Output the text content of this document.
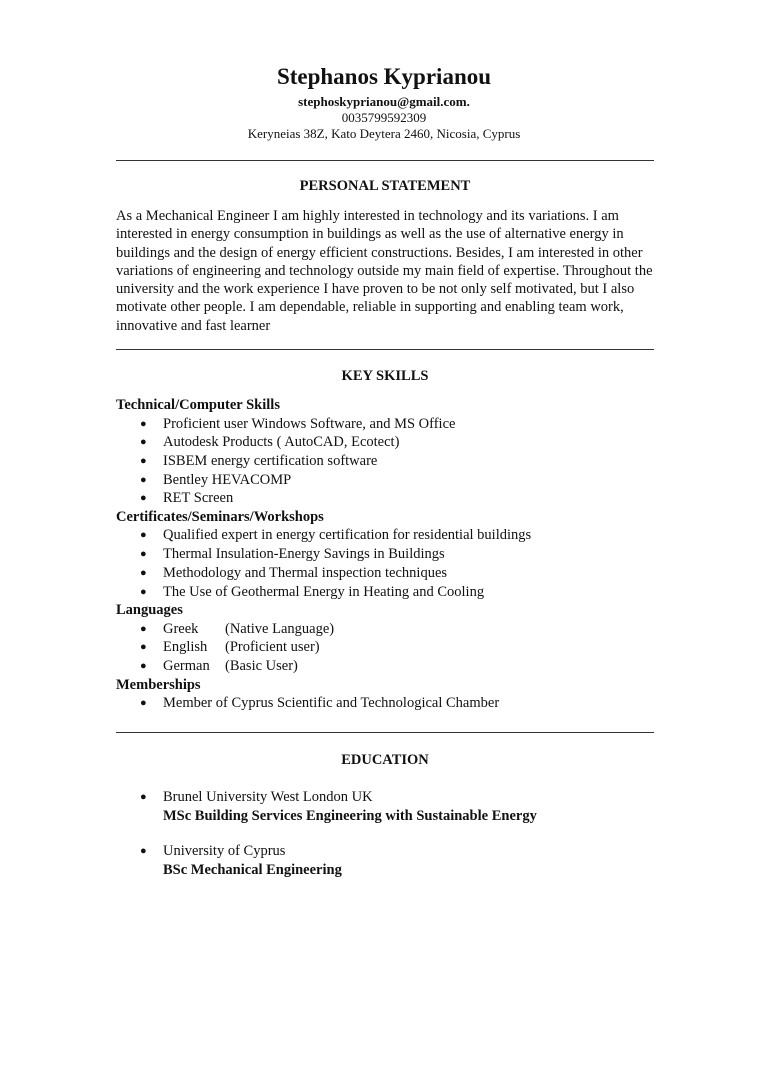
Stephanos Kyprianou
stephoskyprianou@gmail.com.
0035799592309
Keryneias 38Z, Kato Deytera 2460, Nicosia, Cyprus
PERSONAL STATEMENT

As a Mechanical Engineer I am highly interested in technology and its variations. I am interested in energy consumption in buildings as well as the use of alternative energy in buildings and the design of energy efficient constructions. Besides, I am interested in other variations of engineering and technology outside my main field of expertise. Throughout the university and the work experience I have proven to be not only self motivated, but I also motivate other people. I am dependable, reliable in supporting and enabling team work, innovative and fast learner

KEY SKILLS
Technical/Computer Skills
● Proficient user Windows Software, and MS Office
● Autodesk Products ( AutoCAD, Ecotect)
● ISBEM energy certification software
● Bentley HEVACOMP
● RET Screen
Certificates/Seminars/Workshops
● Qualified expert in energy certification for residential buildings
● Thermal Insulation-Energy Savings in Buildings
● Methodology and Thermal inspection techniques
● The Use of Geothermal Energy in Heating and Cooling
Languages
● Greek (Native Language)
● English (Proficient user)
● German (Basic User)
Memberships
● Member of Cyprus Scientific and Technological Chamber
EDUCATION
● Brunel University West London UK
MSc Building Services Engineering with Sustainable Energy
● University of Cyprus
BSc Mechanical Engineering
